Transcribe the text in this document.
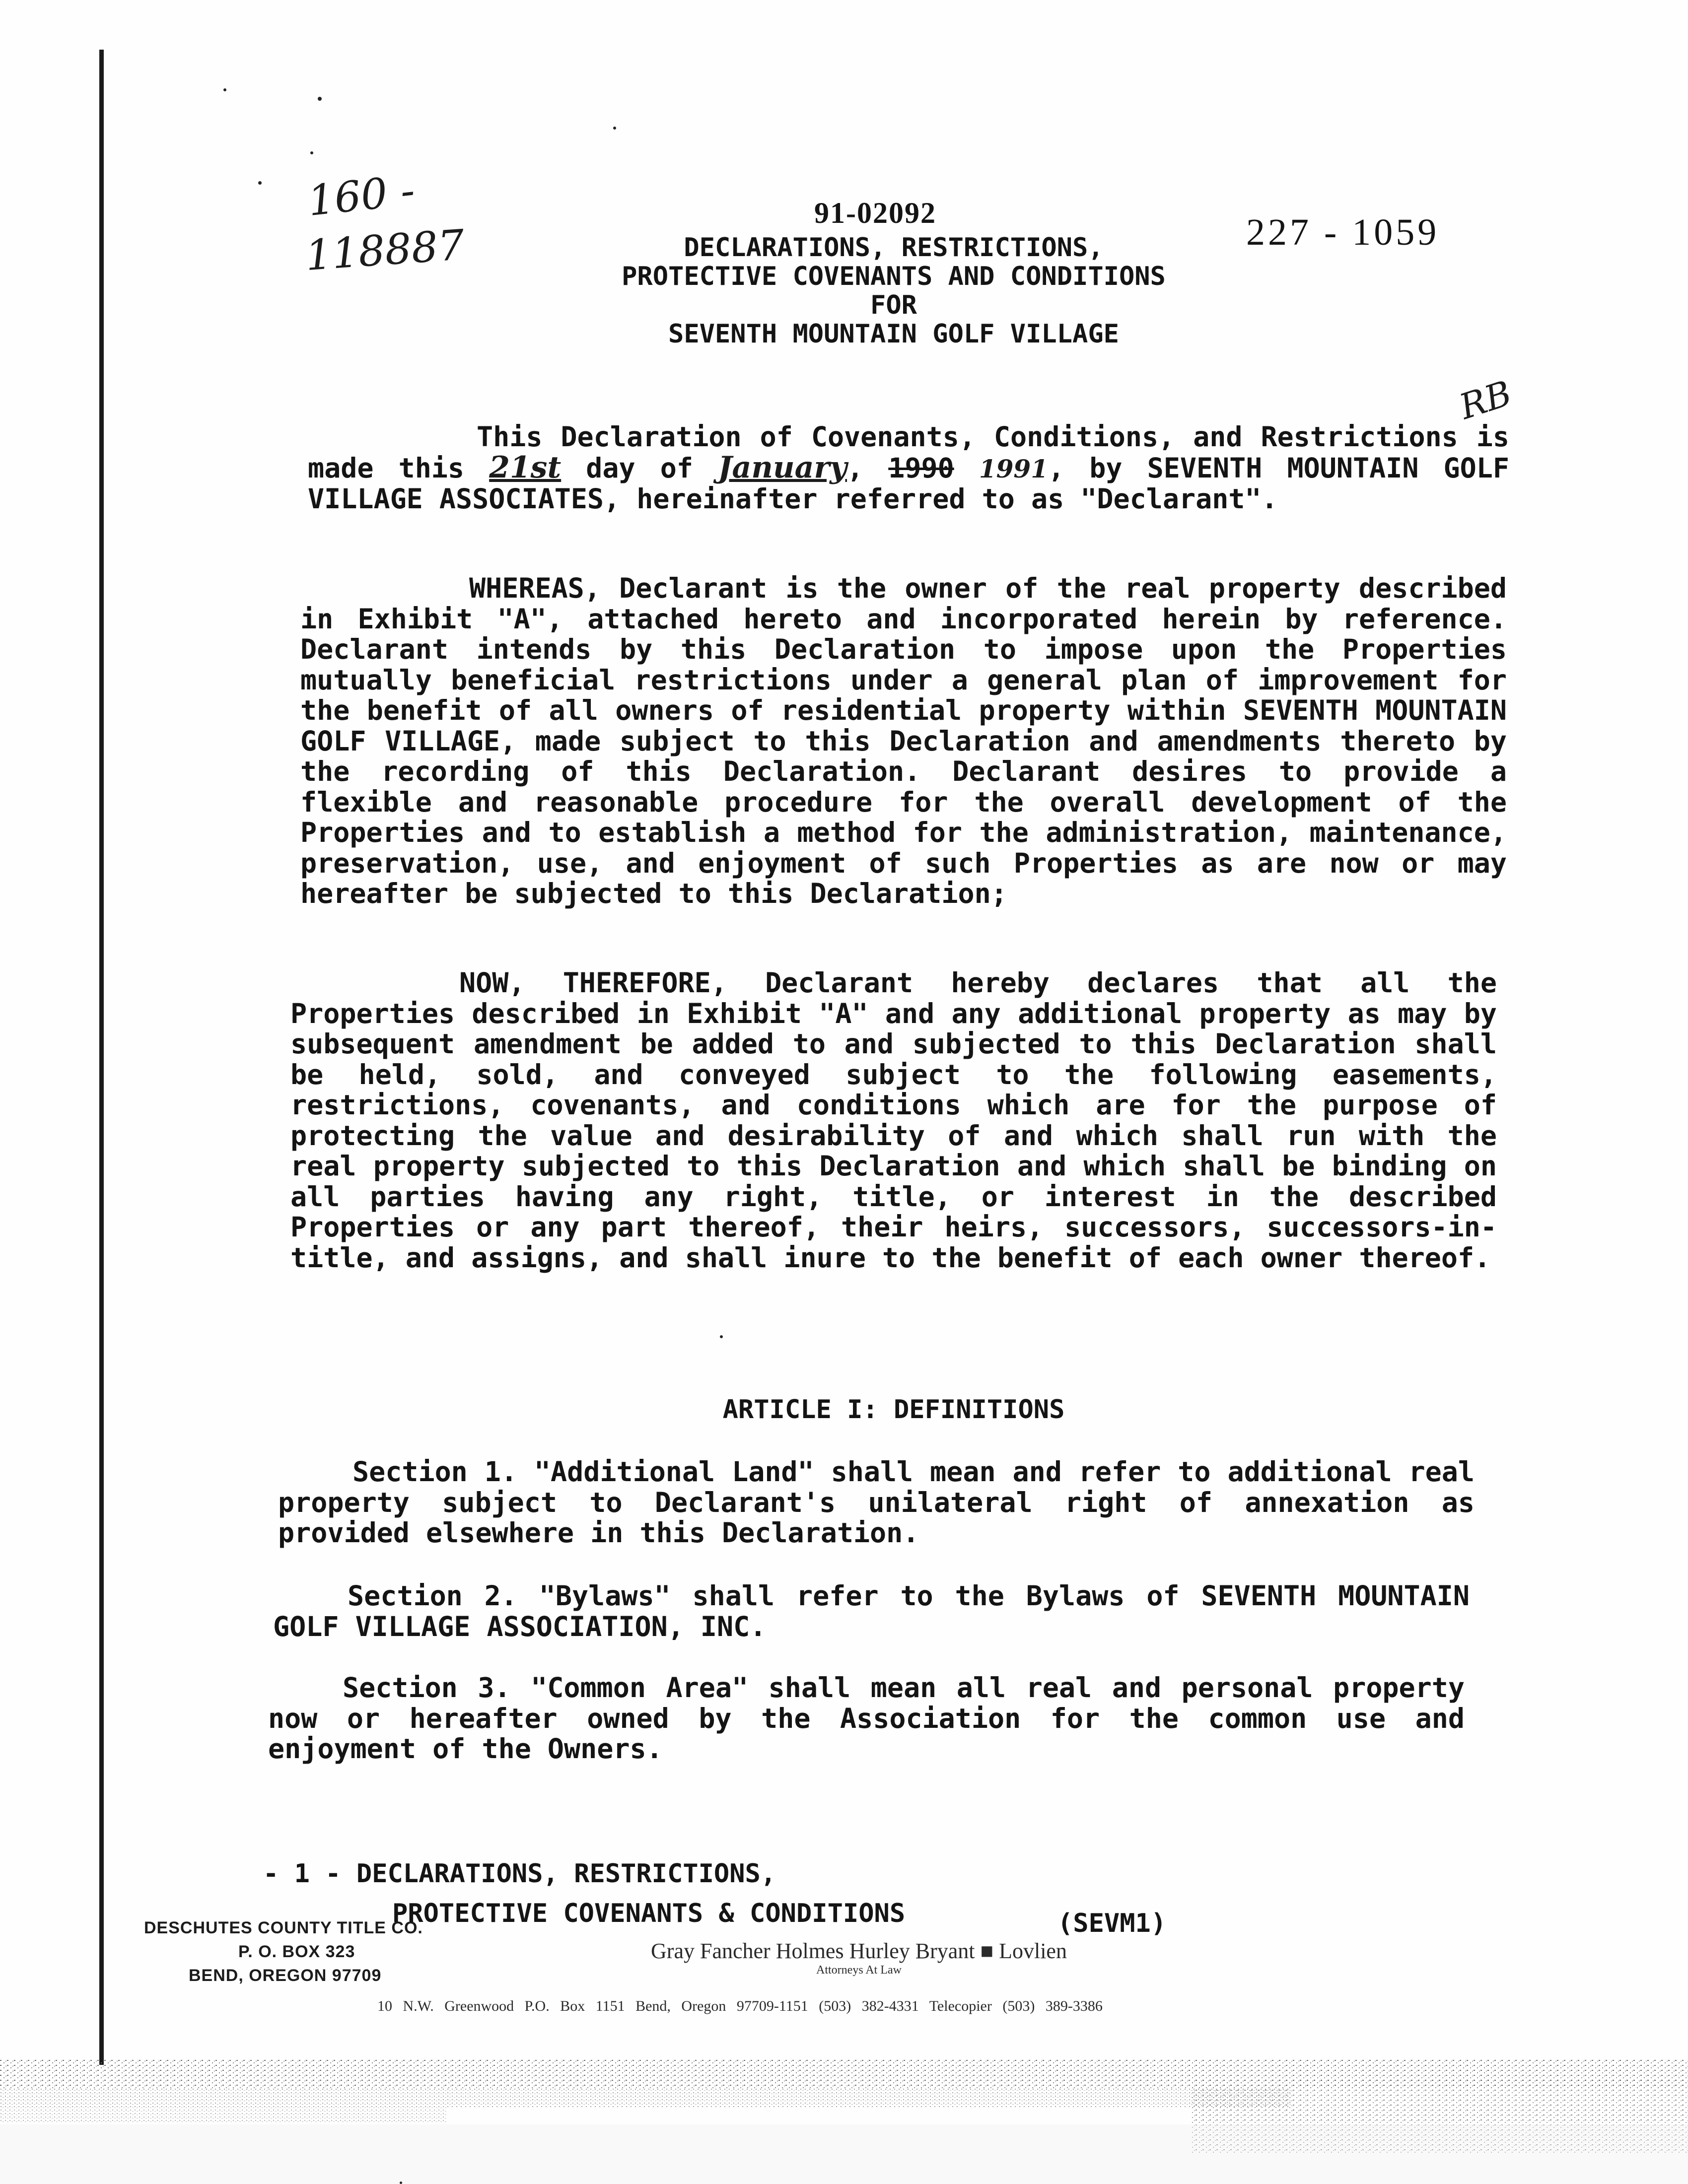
160 -
118887
91-02092	227 - 1059
DECLARATIONS, RESTRICTIONS,
PROTECTIVE COVENANTS AND CONDITIONS
FOR
SEVENTH MOUNTAIN GOLF VILLAGE
RB

This Declaration of Covenants, Conditions, and Restrictions is made this 21st day of January, 1990 1991, by SEVENTH MOUNTAIN GOLF VILLAGE ASSOCIATES, hereinafter referred to as "Declarant".

WHEREAS, Declarant is the owner of the real property described in Exhibit "A", attached hereto and incorporated herein by reference. Declarant intends by this Declaration to impose upon the Properties mutually beneficial restrictions under a general plan of improvement for the benefit of all owners of residential property within SEVENTH MOUNTAIN GOLF VILLAGE, made subject to this Declaration and amendments thereto by the recording of this Declaration. Declarant desires to provide a flexible and reasonable procedure for the overall development of the Properties and to establish a method for the administration, maintenance, preservation, use, and enjoyment of such Properties as are now or may hereafter be subjected to this Declaration;

NOW, THEREFORE, Declarant hereby declares that all the Properties described in Exhibit "A" and any additional property as may by subsequent amendment be added to and subjected to this Declaration shall be held, sold, and conveyed subject to the following easements, restrictions, covenants, and conditions which are for the purpose of protecting the value and desirability of and which shall run with the real property subjected to this Declaration and which shall be binding on all parties having any right, title, or interest in the described Properties or any part thereof, their heirs, successors, successors-in-title, and assigns, and shall inure to the benefit of each owner thereof.

ARTICLE I: DEFINITIONS

Section 1. "Additional Land" shall mean and refer to additional real property subject to Declarant's unilateral right of annexation as provided elsewhere in this Declaration.

Section 2. "Bylaws" shall refer to the Bylaws of SEVENTH MOUNTAIN GOLF VILLAGE ASSOCIATION, INC.

Section 3. "Common Area" shall mean all real and personal property now or hereafter owned by the Association for the common use and enjoyment of the Owners.

- 1 - DECLARATIONS, RESTRICTIONS,
PROTECTIVE COVENANTS & CONDITIONS	(SEVM1)
DESCHUTES COUNTY TITLE CO.
P. O. BOX 323
BEND, OREGON 97709
Gray Fancher Holmes Hurley Bryant ■ Lovlien
Attorneys At Law
10 N.W. Greenwood P.O. Box 1151 Bend, Oregon 97709-1151 (503) 382-4331 Telecopier (503) 389-3386
